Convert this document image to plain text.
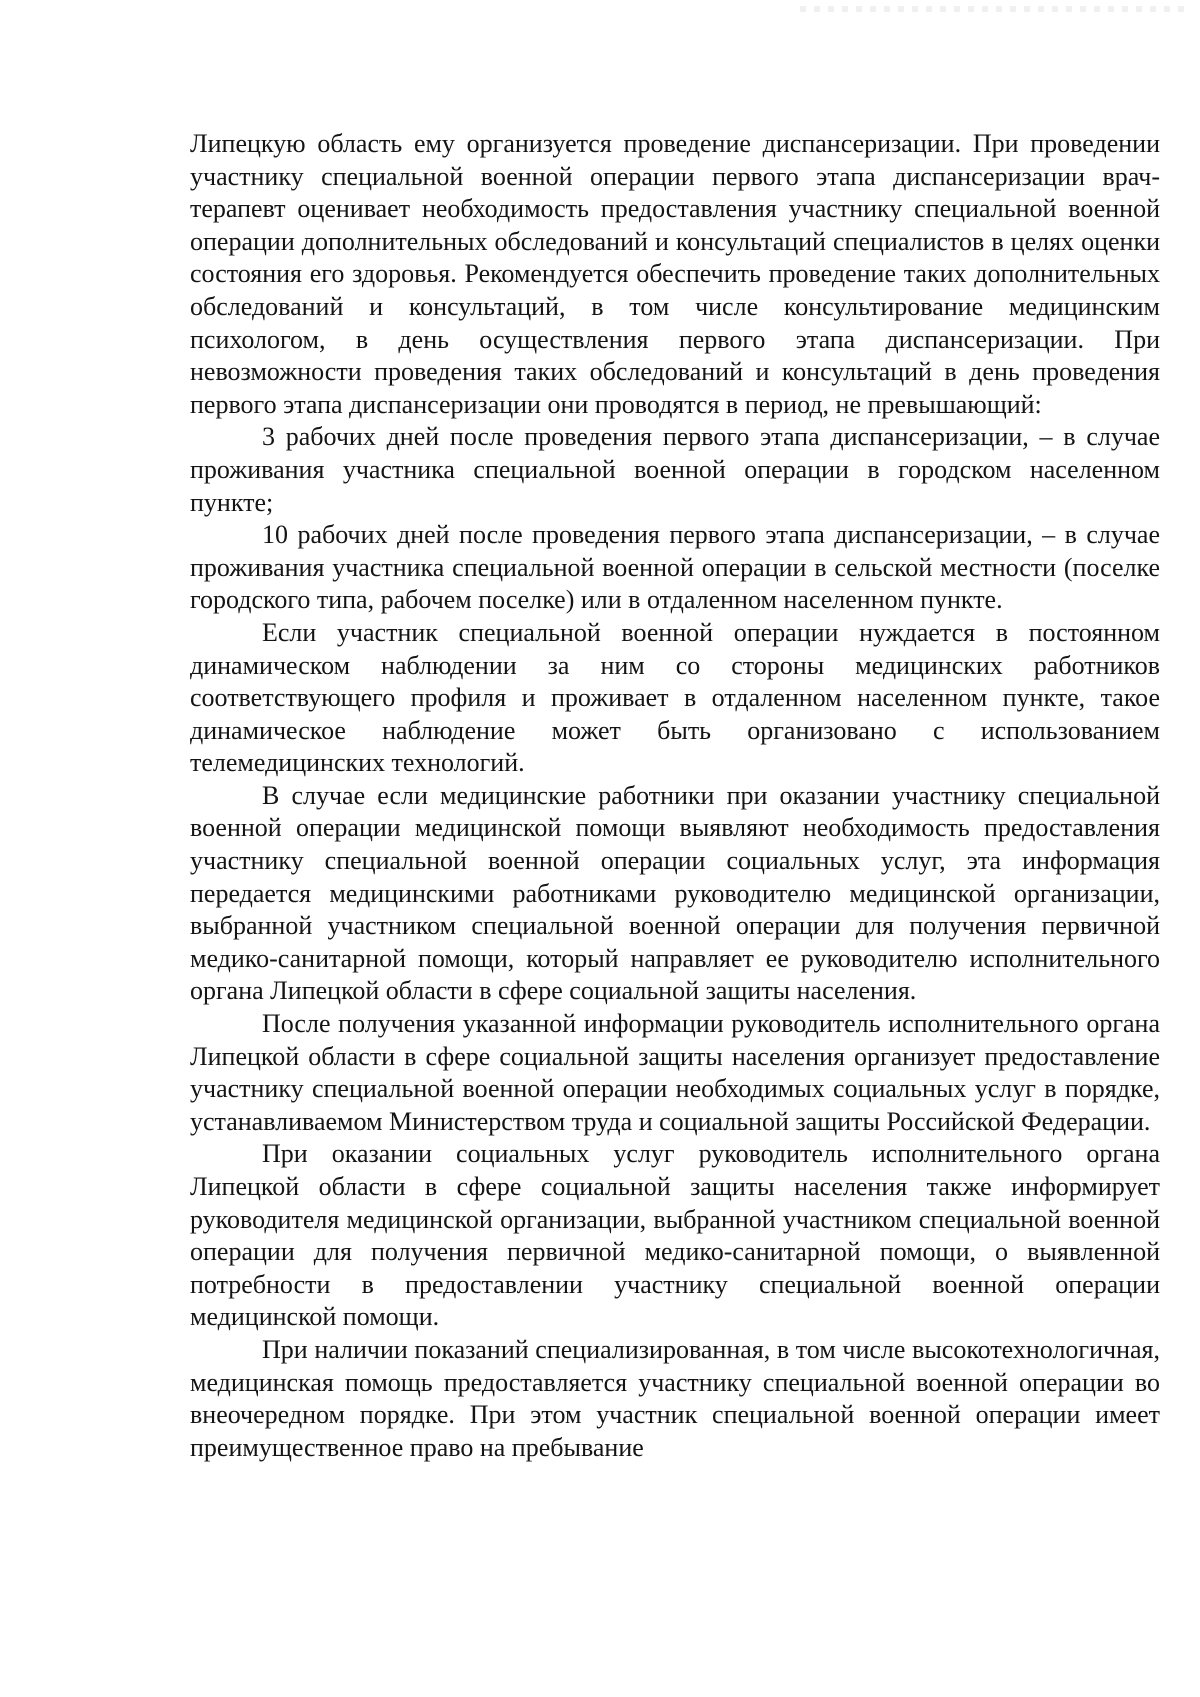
Липецкую область ему организуется проведение диспансеризации. При проведении участнику специальной военной операции первого этапа диспансеризации врач-терапевт оценивает необходимость предоставления участнику специальной военной операции дополнительных обследований и консультаций специалистов в целях оценки состояния его здоровья. Рекомендуется обеспечить проведение таких дополнительных обследований и консультаций, в том числе консультирование медицинским психологом, в день осуществления первого этапа диспансеризации. При невозможности проведения таких обследований и консультаций в день проведения первого этапа диспансеризации они проводятся в период, не превышающий:

3 рабочих дней после проведения первого этапа диспансеризации, – в случае проживания участника специальной военной операции в городском населенном пункте;

10 рабочих дней после проведения первого этапа диспансеризации, – в случае проживания участника специальной военной операции в сельской местности (поселке городского типа, рабочем поселке) или в отдаленном населенном пункте.

Если участник специальной военной операции нуждается в постоянном динамическом наблюдении за ним со стороны медицинских работников соответствующего профиля и проживает в отдаленном населенном пункте, такое динамическое наблюдение может быть организовано с использованием телемедицинских технологий.

В случае если медицинские работники при оказании участнику специальной военной операции медицинской помощи выявляют необходимость предоставления участнику специальной военной операции социальных услуг, эта информация передается медицинскими работниками руководителю медицинской организации, выбранной участником специальной военной операции для получения первичной медико-санитарной помощи, который направляет ее руководителю исполнительного органа Липецкой области в сфере социальной защиты населения.

После получения указанной информации руководитель исполнительного органа Липецкой области в сфере социальной защиты населения организует предоставление участнику специальной военной операции необходимых социальных услуг в порядке, устанавливаемом Министерством труда и социальной защиты Российской Федерации.

При оказании социальных услуг руководитель исполнительного органа Липецкой области в сфере социальной защиты населения также информирует руководителя медицинской организации, выбранной участником специальной военной операции для получения первичной медико-санитарной помощи, о выявленной потребности в предоставлении участнику специальной военной операции медицинской помощи.

При наличии показаний специализированная, в том числе высокотехнологичная, медицинская помощь предоставляется участнику специальной военной операции во внеочередном порядке. При этом участник специальной военной операции имеет преимущественное право на пребывание
